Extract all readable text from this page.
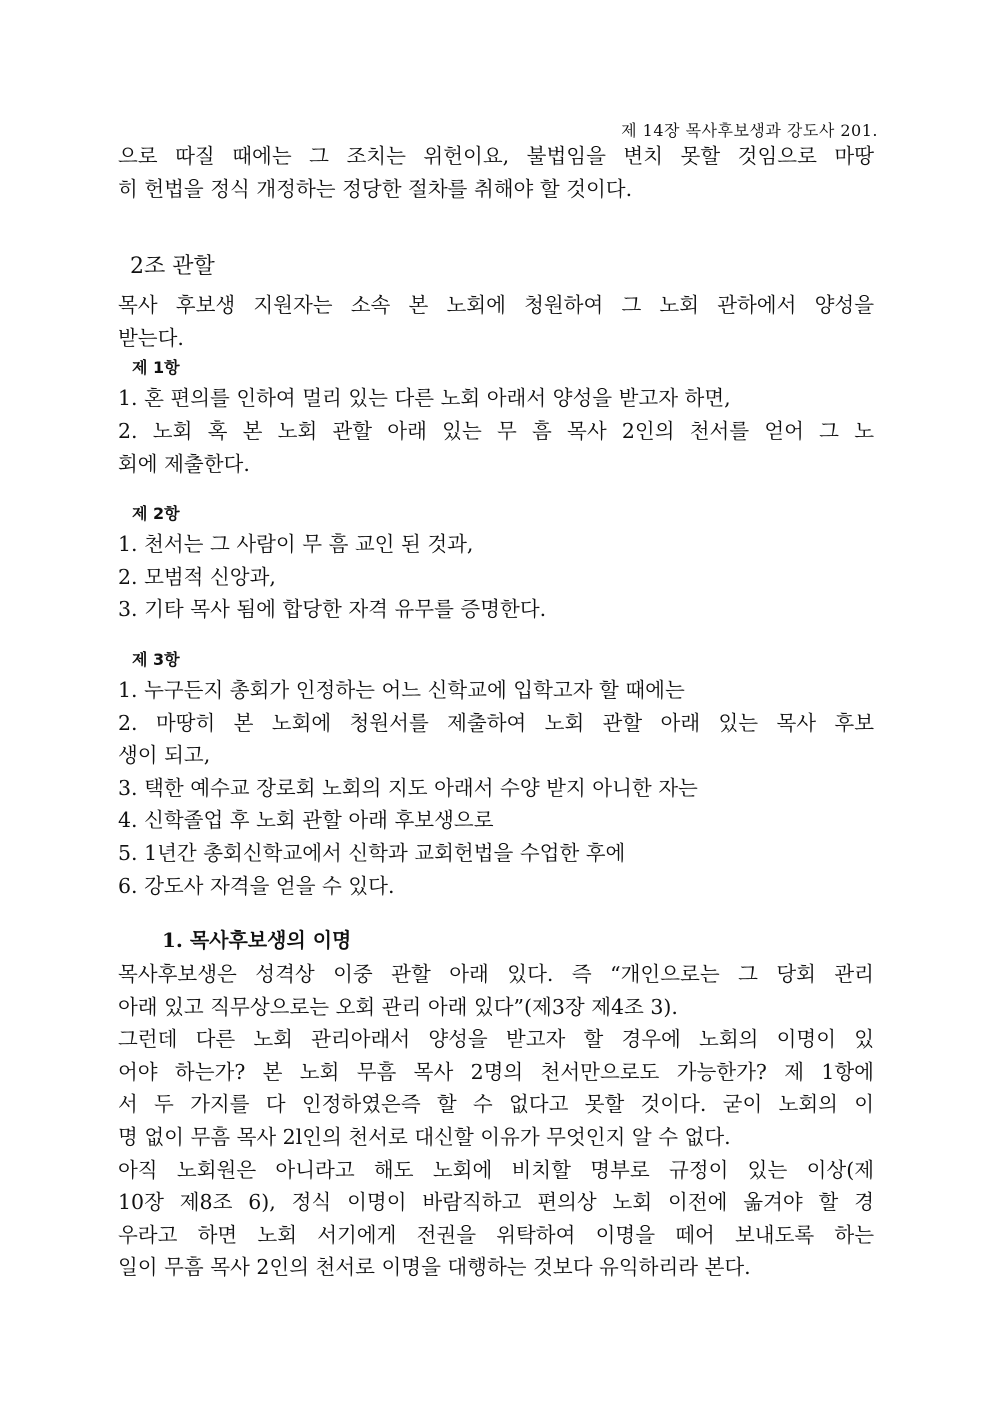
제 14장 목사후보생과 강도사 201.
으로 따질 때에는 그 조치는 위헌이요, 불법임을 변치 못할 것임으로 마땅
히 헌법을 정식 개정하는 정당한 절차를 취해야 할 것이다.
2조 관할
목사 후보생 지원자는 소속 본 노회에 청원하여 그 노회 관하에서 양성을
받는다.
제 1항
1. 혼 편의를 인하여 멀리 있는 다른 노회 아래서 양성을 받고자 하면,
2. 노회 혹 본 노회 관할 아래 있는 무 흠 목사 2인의 천서를 얻어 그 노
회에 제출한다.
제 2항
1. 천서는 그 사람이 무 흠 교인 된 것과,
2. 모범적 신앙과,
3. 기타 목사 됨에 합당한 자격 유무를 증명한다.
제 3항
1. 누구든지 총회가 인정하는 어느 신학교에 입학고자 할 때에는
2. 마땅히 본 노회에 청원서를 제출하여 노회 관할 아래 있는 목사 후보
생이 되고,
3. 택한 예수교 장로회 노회의 지도 아래서 수양 받지 아니한 자는
4. 신학졸업 후 노회 관할 아래 후보생으로
5. 1년간 총회신학교에서 신학과 교회헌법을 수업한 후에
6. 강도사 자격을 얻을 수 있다.
1. 목사후보생의 이명
목사후보생은 성격상 이중 관할 아래 있다. 즉 “개인으로는 그 당회 관리
아래 있고 직무상으로는 오회 관리 아래 있다”(제3장 제4조 3).
그런데 다른 노회 관리아래서 양성을 받고자 할 경우에 노회의 이명이 있
어야 하는가? 본 노회 무흠 목사 2명의 천서만으로도 가능한가? 제 1항에
서 두 가지를 다 인정하였은즉 할 수 없다고 못할 것이다. 굳이 노회의 이
명 없이 무흠 목사 2l인의 천서로 대신할 이유가 무엇인지 알 수 없다.
아직 노회원은 아니라고 해도 노회에 비치할 명부로 규정이 있는 이상(제
10장 제8조 6), 정식 이명이 바람직하고 편의상 노회 이전에 옮겨야 할 경
우라고 하면 노회 서기에게 전권을 위탁하여 이명을 떼어 보내도록 하는
일이 무흠 목사 2인의 천서로 이명을 대행하는 것보다 유익하리라 본다.
